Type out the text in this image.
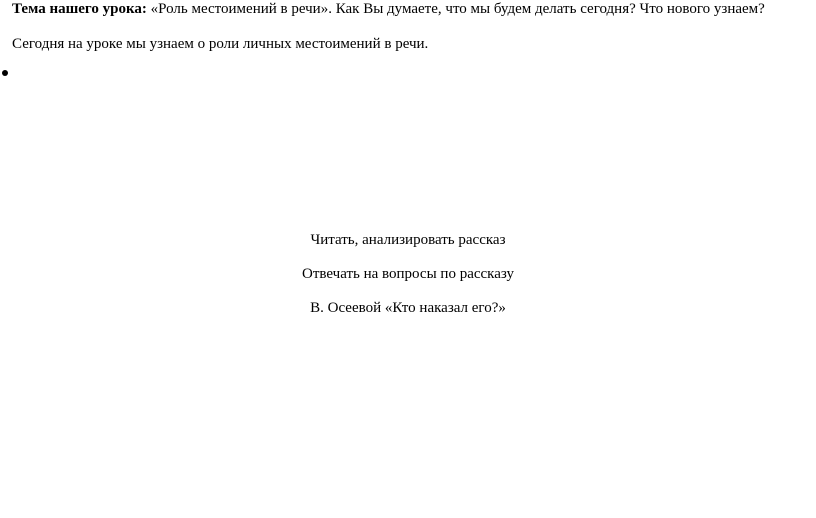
Тема нашего урока: «Роль местоимений в речи». Как Вы думаете, что мы будем делать сегодня? Что нового узнаем?

Сегодня на уроке мы узнаем о роли личных местоимений в речи.

Читать, анализировать рассказ

Отвечать на вопросы по рассказу

В. Осеевой «Кто наказал его?»
